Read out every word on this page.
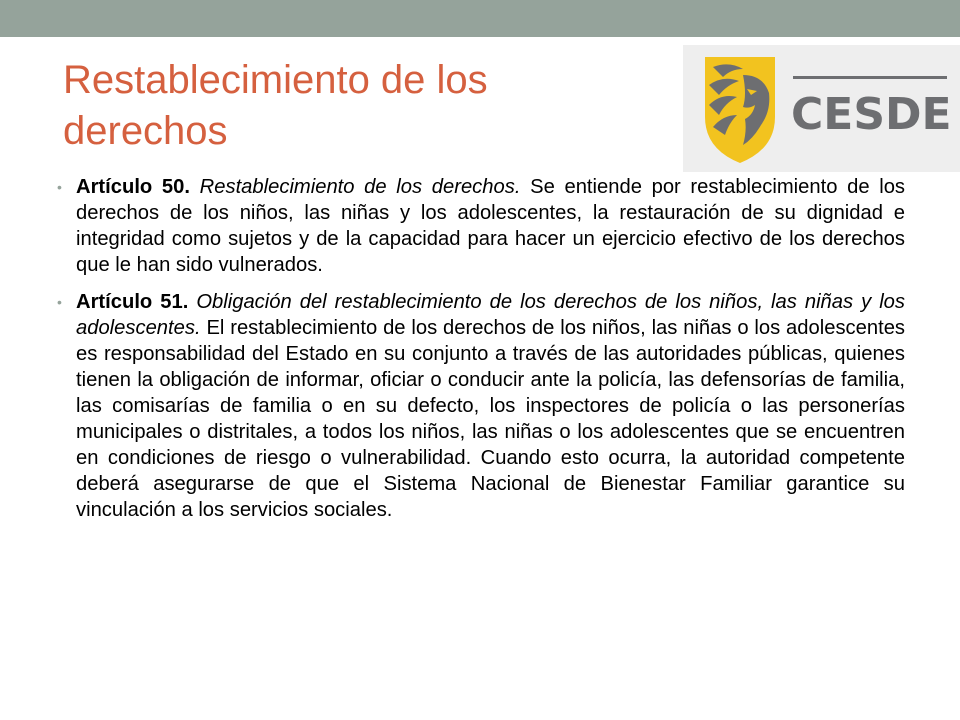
Restablecimiento de los derechos	CESDE
• Artículo 50. Restablecimiento de los derechos. Se entiende por restablecimiento de los derechos de los niños, las niñas y los adolescentes, la restauración de su dignidad e integridad como sujetos y de la capacidad para hacer un ejercicio efectivo de los derechos que le han sido vulnerados.
• Artículo 51. Obligación del restablecimiento de los derechos de los niños, las niñas y los adolescentes. El restablecimiento de los derechos de los niños, las niñas o los adolescentes es responsabilidad del Estado en su conjunto a través de las autoridades públicas, quienes tienen la obligación de informar, oficiar o conducir ante la policía, las defensorías de familia, las comisarías de familia o en su defecto, los inspectores de policía o las personerías municipales o distritales, a todos los niños, las niñas o los adolescentes que se encuentren en condiciones de riesgo o vulnerabilidad. Cuando esto ocurra, la autoridad competente deberá asegurarse de que el Sistema Nacional de Bienestar Familiar garantice su vinculación a los servicios sociales.
